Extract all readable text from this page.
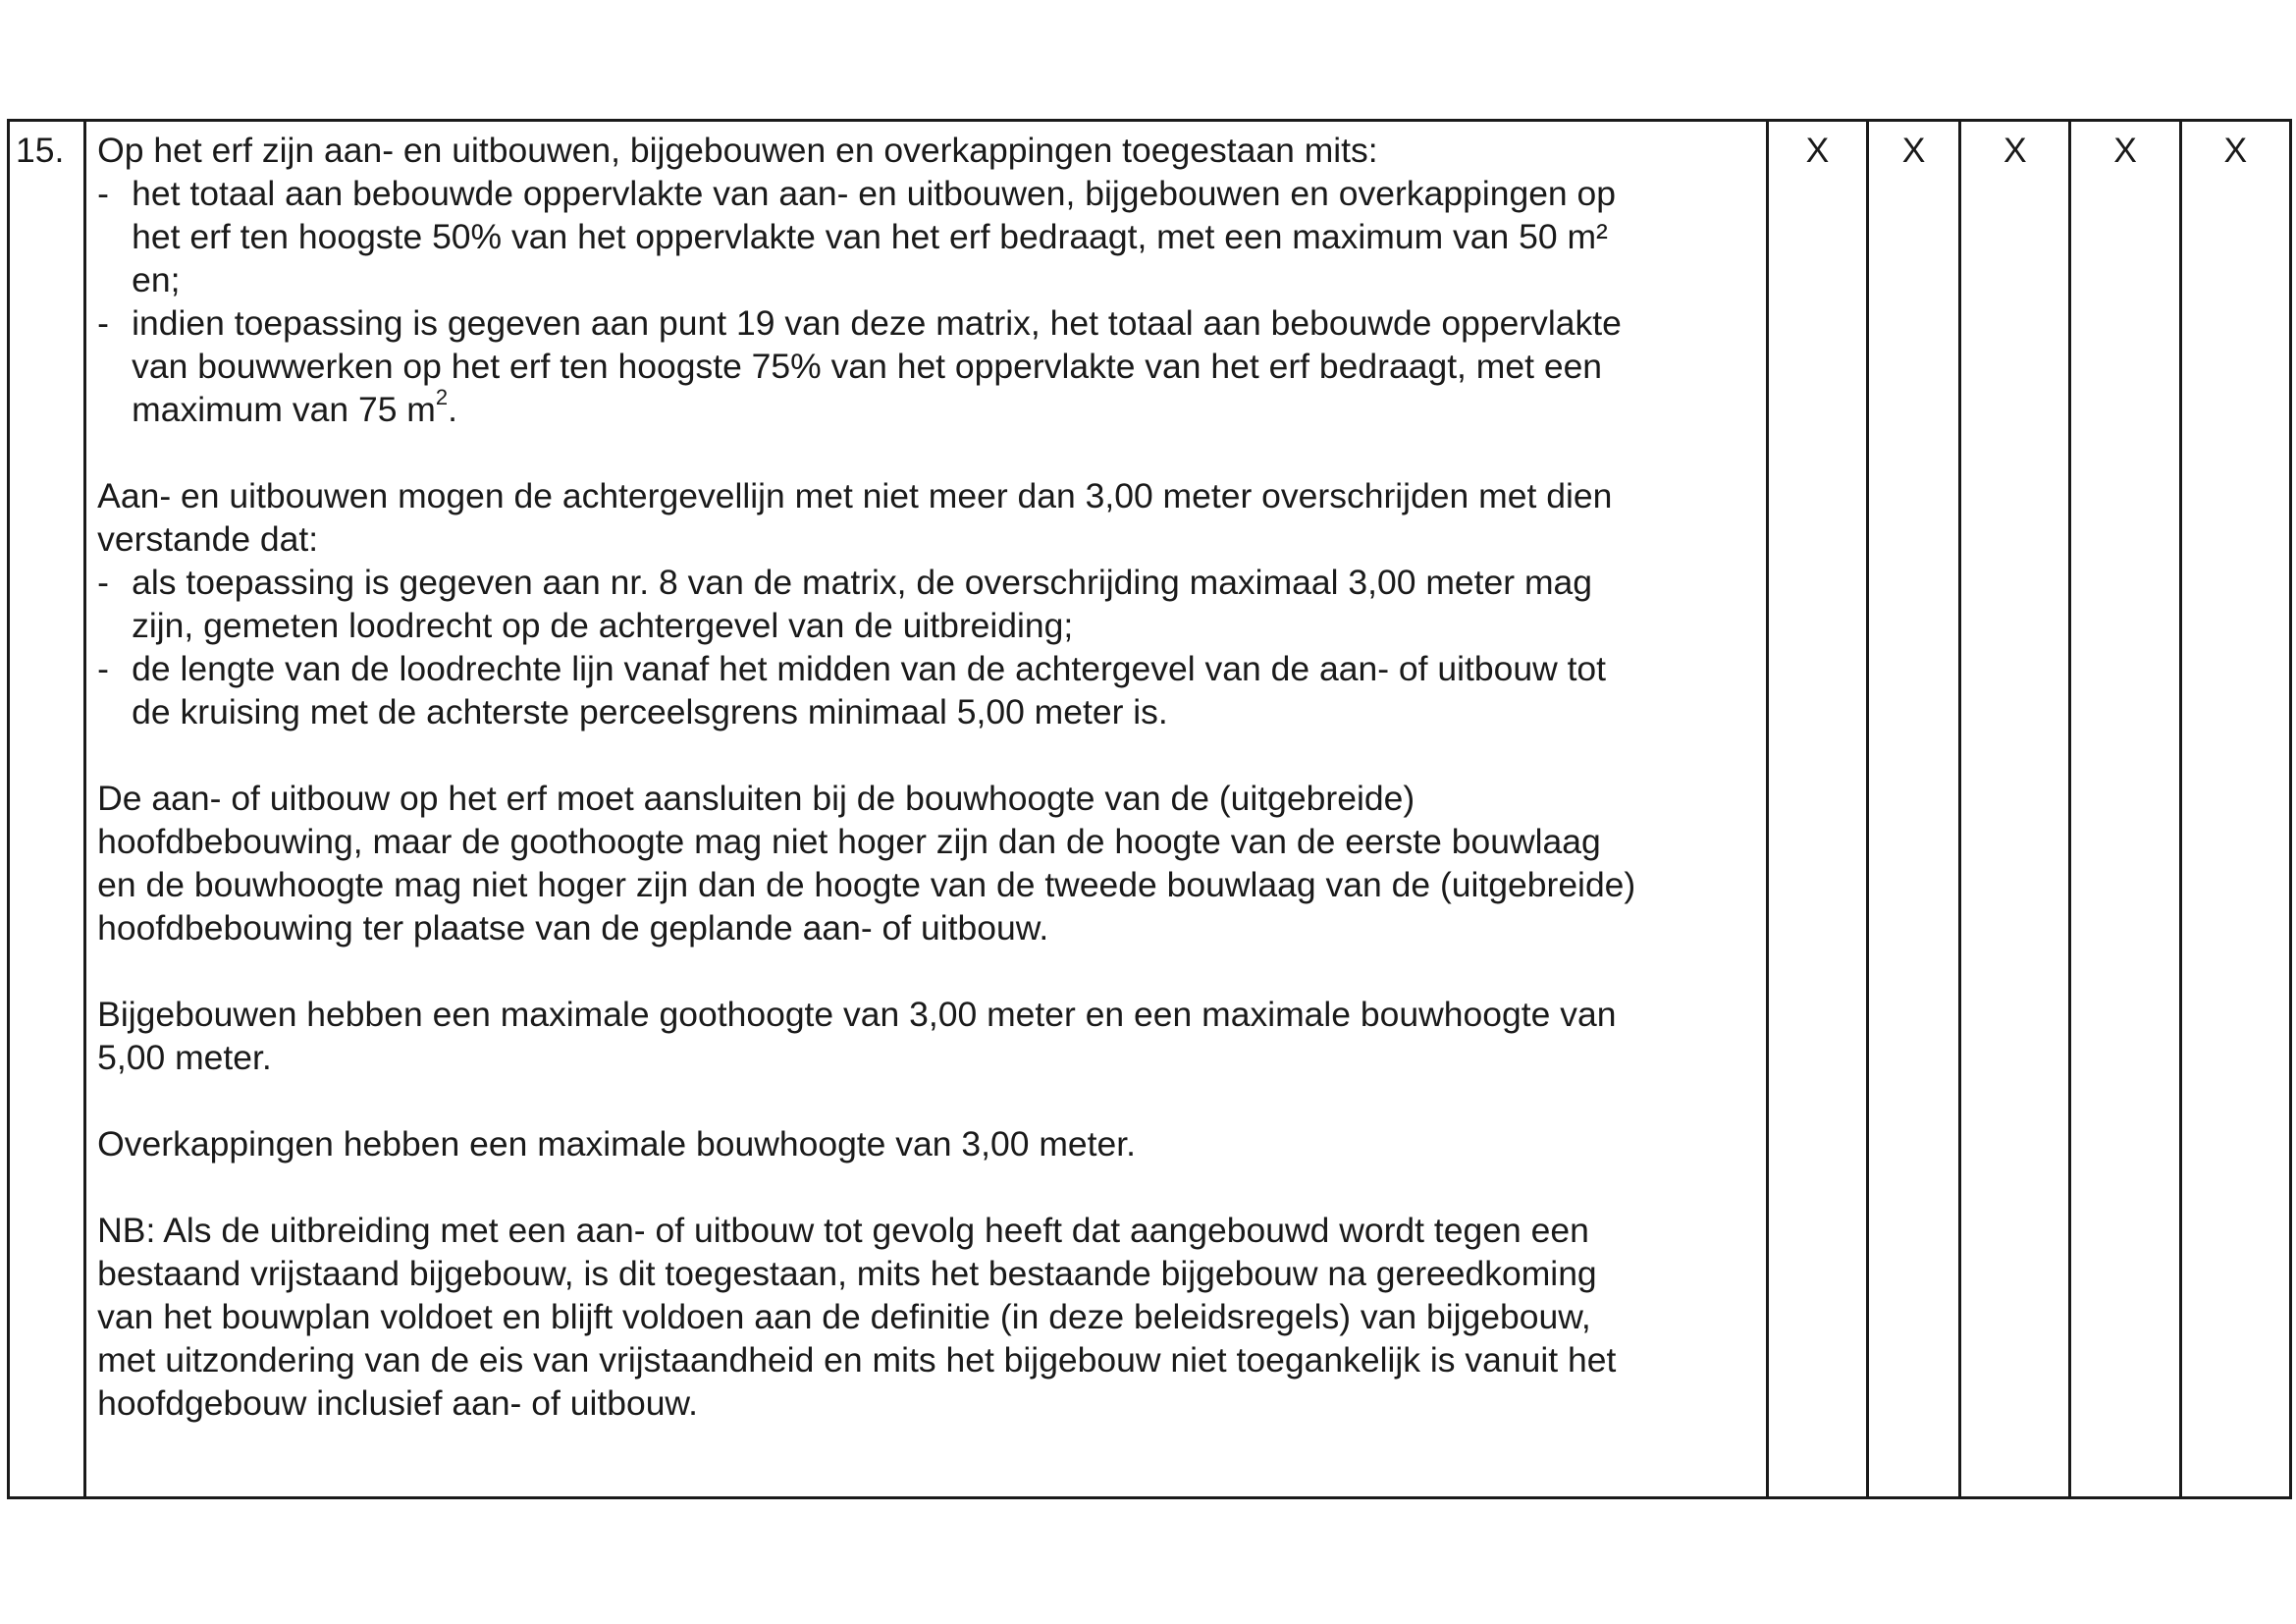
15.	Op het erf zijn aan- en uitbouwen, bijgebouwen en overkappingen toegestaan mits:
- het totaal aan bebouwde oppervlakte van aan- en uitbouwen, bijgebouwen en overkappingen op
het erf ten hoogste 50% van het oppervlakte van het erf bedraagt, met een maximum van 50 m²
en;
- indien toepassing is gegeven aan punt 19 van deze matrix, het totaal aan bebouwde oppervlakte
van bouwwerken op het erf ten hoogste 75% van het oppervlakte van het erf bedraagt, met een
maximum van 75 $m^2$.
Aan- en uitbouwen mogen de achtergevellijn met niet meer dan 3,00 meter overschrijden met dien
verstande dat:
- als toepassing is gegeven aan nr. 8 van de matrix, de overschrijding maximaal 3,00 meter mag
zijn, gemeten loodrecht op de achtergevel van de uitbreiding;
- de lengte van de loodrechte lijn vanaf het midden van de achtergevel van de aan- of uitbouw tot
de kruising met de achterste perceelsgrens minimaal 5,00 meter is.
De aan- of uitbouw op het erf moet aansluiten bij de bouwhoogte van de (uitgebreide)
hoofdbebouwing, maar de goothoogte mag niet hoger zijn dan de hoogte van de eerste bouwlaag
en de bouwhoogte mag niet hoger zijn dan de hoogte van de tweede bouwlaag van de (uitgebreide)
hoofdbebouwing ter plaatse van de geplande aan- of uitbouw.
Bijgebouwen hebben een maximale goothoogte van 3,00 meter en een maximale bouwhoogte van
5,00 meter.
Overkappingen hebben een maximale bouwhoogte van 3,00 meter.
NB: Als de uitbreiding met een aan- of uitbouw tot gevolg heeft dat aangebouwd wordt tegen een
bestaand vrijstaand bijgebouw, is dit toegestaan, mits het bestaande bijgebouw na gereedkoming
van het bouwplan voldoet en blijft voldoen aan de definitie (in deze beleidsregels) van bijgebouw,
met uitzondering van de eis van vrijstaandheid en mits het bijgebouw niet toegankelijk is vanuit het
hoofdgebouw inclusief aan- of uitbouw.
	X	X	X	X	X
